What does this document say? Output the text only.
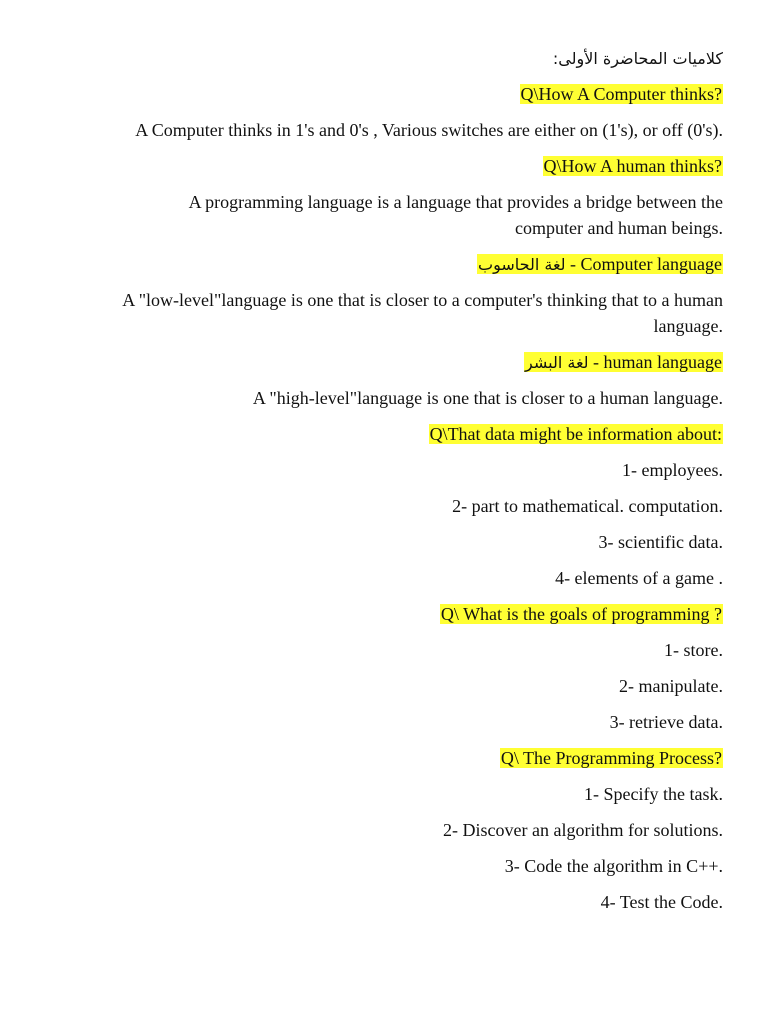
:كلاميات المحاضرة الأولى
Q\How A Computer thinks?
A Computer thinks in 1's and 0's , Various switches are either on (1's), or off (0's).
Q\How A human thinks?
A programming language is a language that provides a bridge between the
computer and human beings.
لغة الحاسوب - Computer language
A "low-level"language is one that is closer to a computer's thinking that to a human
language.
لغة البشر - human language
A "high-level"language is one that is closer to a human language.
Q\That data might be information about:
1- employees.
2- part to mathematical. computation.
3- scientific data.
4- elements of a game .
Q\ What is the goals of programming ?
1- store.
2- manipulate.
3- retrieve data.
Q\ The Programming Process?
1- Specify the task.
2- Discover an algorithm for solutions.
3- Code the algorithm in C++.
4- Test the Code.
